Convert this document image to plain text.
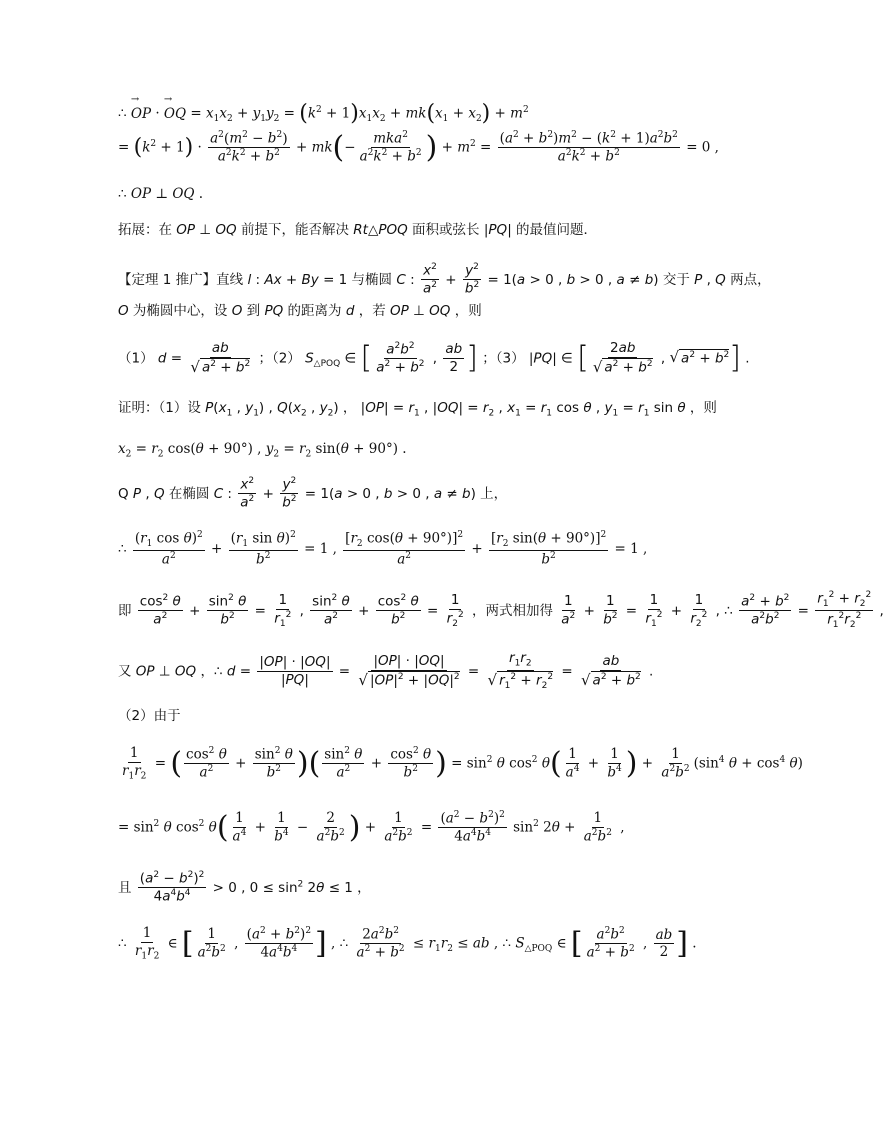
∴ → OP · → OQ = $x_1x_2 + y_1y_2 = (k^2 + 1)x_1x_2 + mk(x_1 + x_2) + m^2$
= $(k^2 + 1) \cdot \frac{a^2(m^2 - b^2)}{a^2k^2 + b^2} + mk(- \frac{mka^2}{a^2k^2 + b^2}$ ) + $m^2 = \frac{(a^2 + b^2)m^2 - (k^2 + 1)a^2b^2}{a^2k^2 + b^2} = 0$ ,
∴ OP ⊥ OQ .
拓展：在 OP ⊥ OQ 前提下，能否解决 Rt△POQ 面积或弦长 |PQ| 的最值问题．
【定理 1 推广】直线 l : Ax + By = 1 与椭圆 C : $\frac{x^2}{a^2} + \frac{y^2}{b^2} = 1(a > 0$ , b > 0 , a ≠ b) 交于 P , Q 两点，
O 为椭圆中心，设 O 到 PQ 的距离为 d ，若 OP ⊥ OQ ，则
（1） d = ab
√ $a^2 + b^2$ ；（2） $S_{\triangle POQ}$ ∈ [ $\frac{a^2b^2}{a^2 + b^2}$ , $\frac{ab}{2}$ ] ；（3） |PQ| ∈ [ 2ab
√ $a^2 + b^2$ , √ $a^2 + b^2$] .
证明：（1）设 $P(x_1$ , $y_1$) , $Q(x_2$ , $y_2$) ， $|OP| = r_1$ , $|OQ| = r_2$ , $x_1 = r_1$ cos θ , $y_1 = r_1$ sin θ ，则
$x_2 = r_2$ cos(θ + 90°) , $y_2 = r_2$ sin(θ + 90°) .
Q P , Q 在椭圆 C : $\frac{x^2}{a^2} + \frac{y^2}{b^2} = 1(a > 0$ , b > 0 , a ≠ b) 上，
∴ $\frac{(r_1 \cos \theta)^2}{a^2} + \frac{(r_1 \sin \theta)^2}{b^2} = 1$ , $\frac{[r_2 \cos(\theta + 90^\circ)]^2}{a^2} + \frac{[r_2 \sin(\theta + 90^\circ)]^2}{b^2} = 1$ ,
即 $\frac{\cos^2 \theta}{a^2} + \frac{\sin^2 \theta}{b^2} = \frac{1}{r_1^2}$ , $\frac{\sin^2 \theta}{a^2} + \frac{\cos^2 \theta}{b^2} = \frac{1}{r_2^2}$ ，两式相加得 $\frac{1}{a^2} + \frac{1}{b^2} = \frac{1}{r_1^2} + \frac{1}{r_2^2}$ , ∴ $\frac{a^2 + b^2}{a^2b^2} = \frac{r_1^2 + r_2^2}{r_1^2r_2^2}$ ,
又 OP ⊥ OQ ，∴ $d = \frac{|OP| \cdot |OQ|}{|PQ|} = |OP| \cdot |OQ|$
√ $|OP|^2 + |OQ|^2 = r_1r_2$
√ $r_1^2 + r_2^2$ = ab
√ $a^2 + b^2$ .
（2）由于
$\frac{1}{r_1r_2}$ = ( $\frac{\cos^2 \theta}{a^2} + \frac{\sin^2 \theta}{b^2}$ )( $\frac{\sin^2 \theta}{a^2} + \frac{\cos^2 \theta}{b^2}$ ) = $\sin^2 \theta$ $\cos^2 \theta( \frac{1}{a^4} + \frac{1}{b^4}$ ) + $\frac{1}{a^2b^2} (\sin^4$ $\theta + \cos^4 \theta$)
= $\sin^2 \theta$ $\cos^2 \theta( \frac{1}{a^4} + \frac{1}{b^4} - \frac{2}{a^2b^2}$ ) + $\frac{1}{a^2b^2} = \frac{(a^2 - b^2)^2}{4a^4b^4} \sin^2 2\theta + \frac{1}{a^2b^2}$ ,
且 $\frac{(a^2 - b^2)^2}{4a^4b^4} > 0$ , $0 \le \sin^2 2\theta \le 1$ ，
∴ $\frac{1}{r_1r_2}$ ∈ [ $\frac{1}{a^2b^2}$ , $\frac{(a^2 + b^2)^2}{4a^4b^4}$ ] , ∴ $\frac{2a^2b^2}{a^2 + b^2} \le r_1r_2$ ≤ ab , ∴ $S_{\triangle POQ}$ ∈ [ $\frac{a^2b^2}{a^2 + b^2}$ , $\frac{ab}{2}$ ] .
